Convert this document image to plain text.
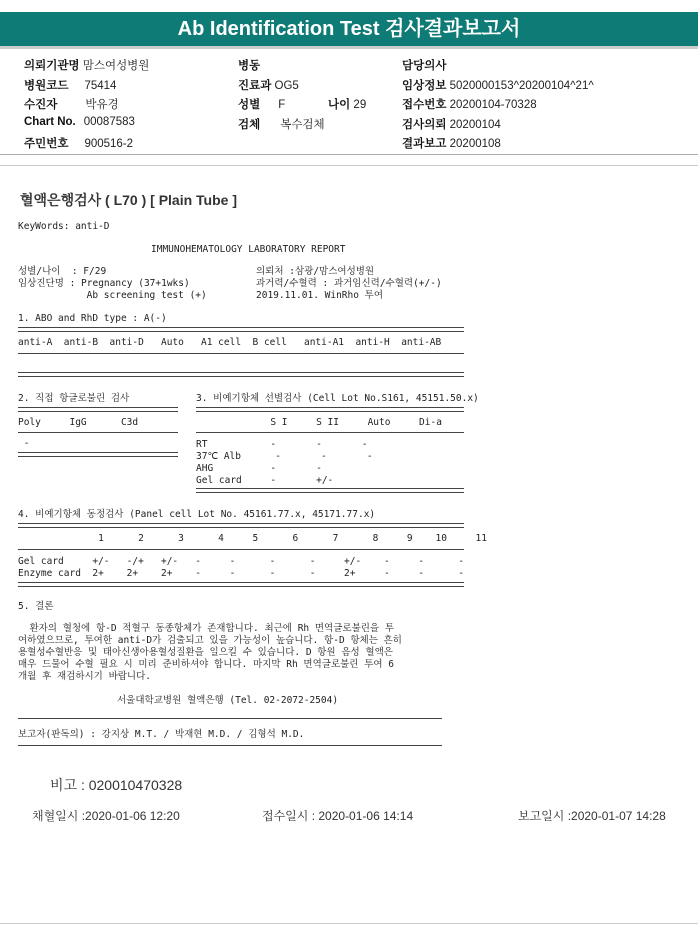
Ab Identification Test 검사결과보고서
의뢰기관명 맘스여성병원
병원코드 75414
수진자 박유경
Chart No. 00087583
주민번호 900516-2
병동
진료과 OG5
성별 F	나이 29
검체 복수검체
담당의사
임상정보 5020000153^20200104^21^
접수번호 20200104-70328
검사의뢰 20200104
결과보고 20200108
혈액은행검사 ( L70 ) [ Plain Tube ]
KeyWords: anti-D
IMMUNOHEMATOLOGY LABORATORY REPORT
성별/나이  : F/29
임상진단명 : Pregnancy (37+1wks)
Ab screening test (+)
의뢰처 :삼광/맘스여성병원
과거력/수혈력 : 과거임신력/수혈력(+/-)
2019.11.01. WinRho 투여
1. ABO and RhD type : A(-)
anti-A  anti-B  anti-D   Auto   A1 cell  B cell   anti-A1  anti-H  anti-AB
2. 직접 항글로불린 검사
Poly     IgG      C3d
-
3. 비예기항체 선별검사 (Cell Lot No.S161, 45151.50.x)
S I     S II     Auto     Di-a
RT           -       -       -
37℃ Alb      -       -       -
AHG          -       -
Gel card     -       +/-
4. 비예기항체 동정검사 (Panel cell Lot No. 45161.77.x, 45171.77.x)
1      2      3      4     5      6      7      8     9    10     11
Gel card     +/-   -/+   +/-   -     -      -      -     +/-    -     -      -
Enzyme card  2+    2+    2+    -     -      -      -     2+     -     -      -
5. 결론
환자의 혈청에 항-D 적혈구 동종항체가 존재합니다. 최근에 Rh 면역글로불린을 투
여하였으므로, 투여한 anti-D가 검출되고 있을 가능성이 높습니다. 항-D 항체는 흔히
용혈성수혈반응 및 태아신생아용혈성질환을 일으킬 수 있습니다. D 항원 음성 혈액은
매우 드물어 수혈 필요 시 미리 준비하셔야 합니다. 마지막 Rh 면역글로불린 투여 6
개월 후 재검하시기 바랍니다.
서울대학교병원 혈액은행 (Tel. 02-2072-2504)
보고자(판독의) : 강지상 M.T. / 박재현 M.D. / 김형석 M.D.
비고 : 020010470328
채혈일시 :2020-01-06 12:20	접수일시 : 2020-01-06 14:14	보고일시 :2020-01-07 14:28
